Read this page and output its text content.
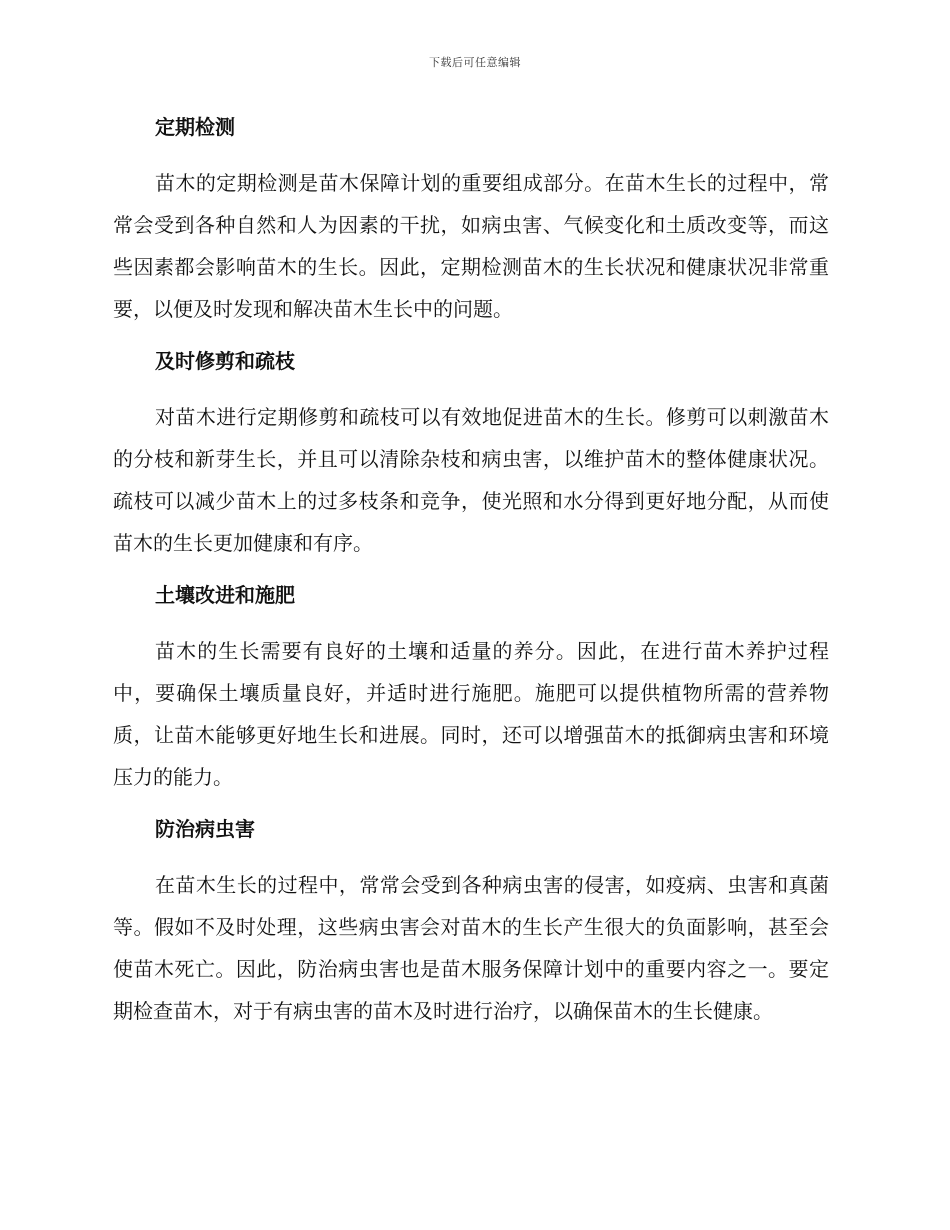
下载后可任意编辑
定期检测

苗木的定期检测是苗木保障计划的重要组成部分。在苗木生长的过程中，常常会受到各种自然和人为因素的干扰，如病虫害、气候变化和土质改变等，而这些因素都会影响苗木的生长。因此，定期检测苗木的生长状况和健康状况非常重要，以便及时发现和解决苗木生长中的问题。

及时修剪和疏枝

对苗木进行定期修剪和疏枝可以有效地促进苗木的生长。修剪可以刺激苗木的分枝和新芽生长，并且可以清除杂枝和病虫害，以维护苗木的整体健康状况。疏枝可以减少苗木上的过多枝条和竞争，使光照和水分得到更好地分配，从而使苗木的生长更加健康和有序。

土壤改进和施肥

苗木的生长需要有良好的土壤和适量的养分。因此，在进行苗木养护过程中，要确保土壤质量良好，并适时进行施肥。施肥可以提供植物所需的营养物质，让苗木能够更好地生长和进展。同时，还可以增强苗木的抵御病虫害和环境压力的能力。

防治病虫害

在苗木生长的过程中，常常会受到各种病虫害的侵害，如疫病、虫害和真菌等。假如不及时处理，这些病虫害会对苗木的生长产生很大的负面影响，甚至会使苗木死亡。因此，防治病虫害也是苗木服务保障计划中的重要内容之一。要定期检查苗木，对于有病虫害的苗木及时进行治疗，以确保苗木的生长健康。
